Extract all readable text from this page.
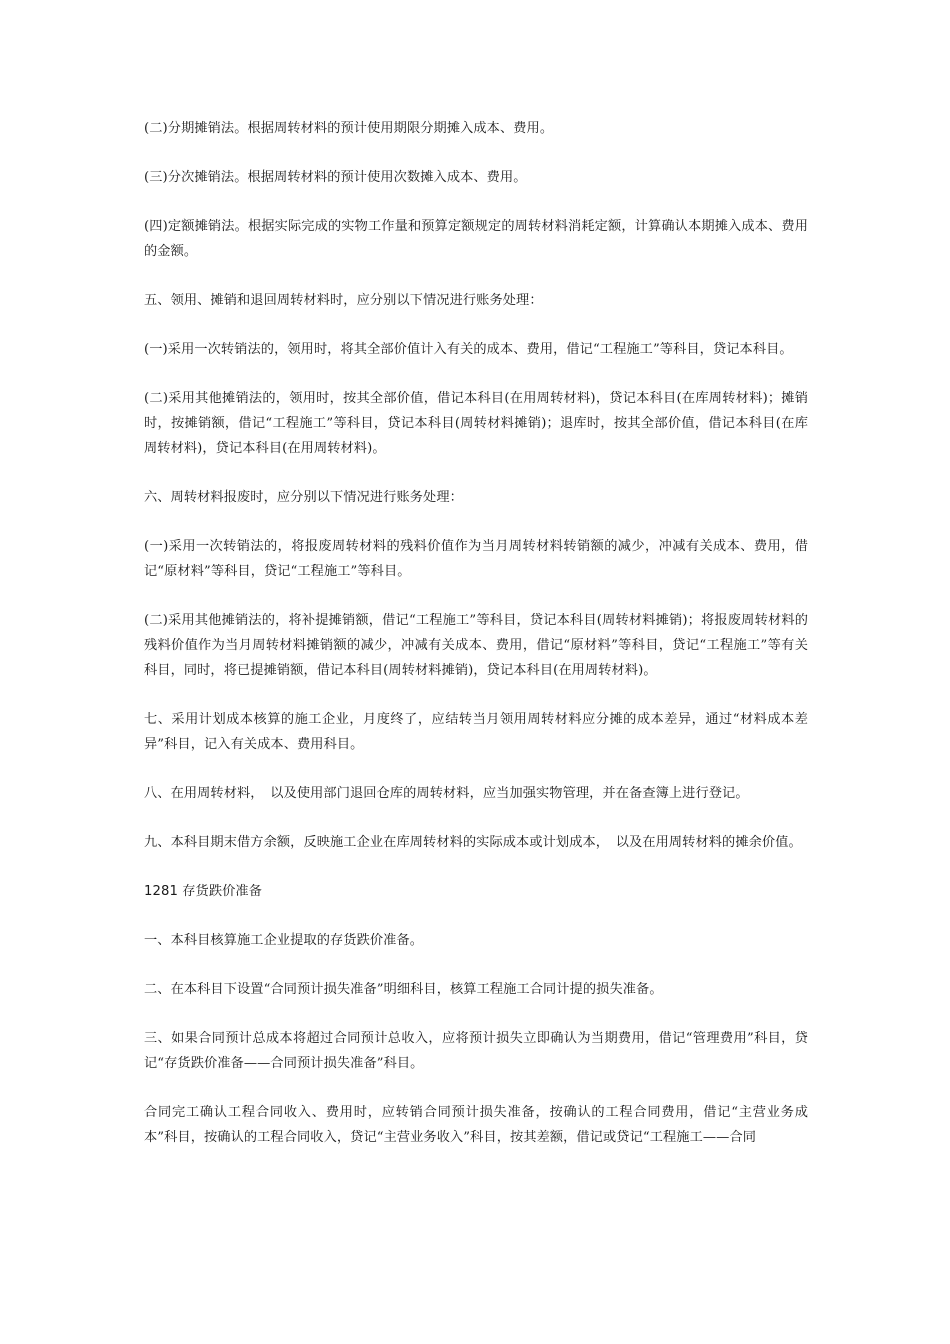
(二)分期摊销法。根据周转材料的预计使用期限分期摊入成本、费用。

(三)分次摊销法。根据周转材料的预计使用次数摊入成本、费用。

(四)定额摊销法。根据实际完成的实物工作量和预算定额规定的周转材料消耗定额，计算确认本期摊入成本、费用的金额。

五、领用、摊销和退回周转材料时，应分别以下情况进行账务处理：

(一)采用一次转销法的，领用时，将其全部价值计入有关的成本、费用，借记“工程施工”等科目，贷记本科目。

(二)采用其他摊销法的，领用时，按其全部价值，借记本科目(在用周转材料)，贷记本科目(在库周转材料)；摊销时，按摊销额，借记“工程施工”等科目，贷记本科目(周转材料摊销)；退库时，按其全部价值，借记本科目(在库周转材料)，贷记本科目(在用周转材料)。

六、周转材料报废时，应分别以下情况进行账务处理：

(一)采用一次转销法的，将报废周转材料的残料价值作为当月周转材料转销额的减少，冲减有关成本、费用，借记“原材料”等科目，贷记“工程施工”等科目。

(二)采用其他摊销法的，将补提摊销额，借记“工程施工”等科目，贷记本科目(周转材料摊销)；将报废周转材料的残料价值作为当月周转材料摊销额的减少，冲减有关成本、费用，借记“原材料”等科目，贷记“工程施工”等有关科目，同时，将已提摊销额，借记本科目(周转材料摊销)，贷记本科目(在用周转材料)。

七、采用计划成本核算的施工企业，月度终了，应结转当月领用周转材料应分摊的成本差异，通过“材料成本差异”科目，记入有关成本、费用科目。

八、在用周转材料，　以及使用部门退回仓库的周转材料，应当加强实物管理，并在备查簿上进行登记。

九、本科目期末借方余额，反映施工企业在库周转材料的实际成本或计划成本，　以及在用周转材料的摊余价值。

1281 存货跌价准备

一、本科目核算施工企业提取的存货跌价准备。

二、在本科目下设置“合同预计损失准备”明细科目，核算工程施工合同计提的损失准备。

三、如果合同预计总成本将超过合同预计总收入，应将预计损失立即确认为当期费用，借记“管理费用”科目，贷记“存货跌价准备——合同预计损失准备”科目。

合同完工确认工程合同收入、费用时，应转销合同预计损失准备，按确认的工程合同费用，借记“主营业务成本”科目，按确认的工程合同收入，贷记“主营业务收入”科目，按其差额，借记或贷记“工程施工——合同
